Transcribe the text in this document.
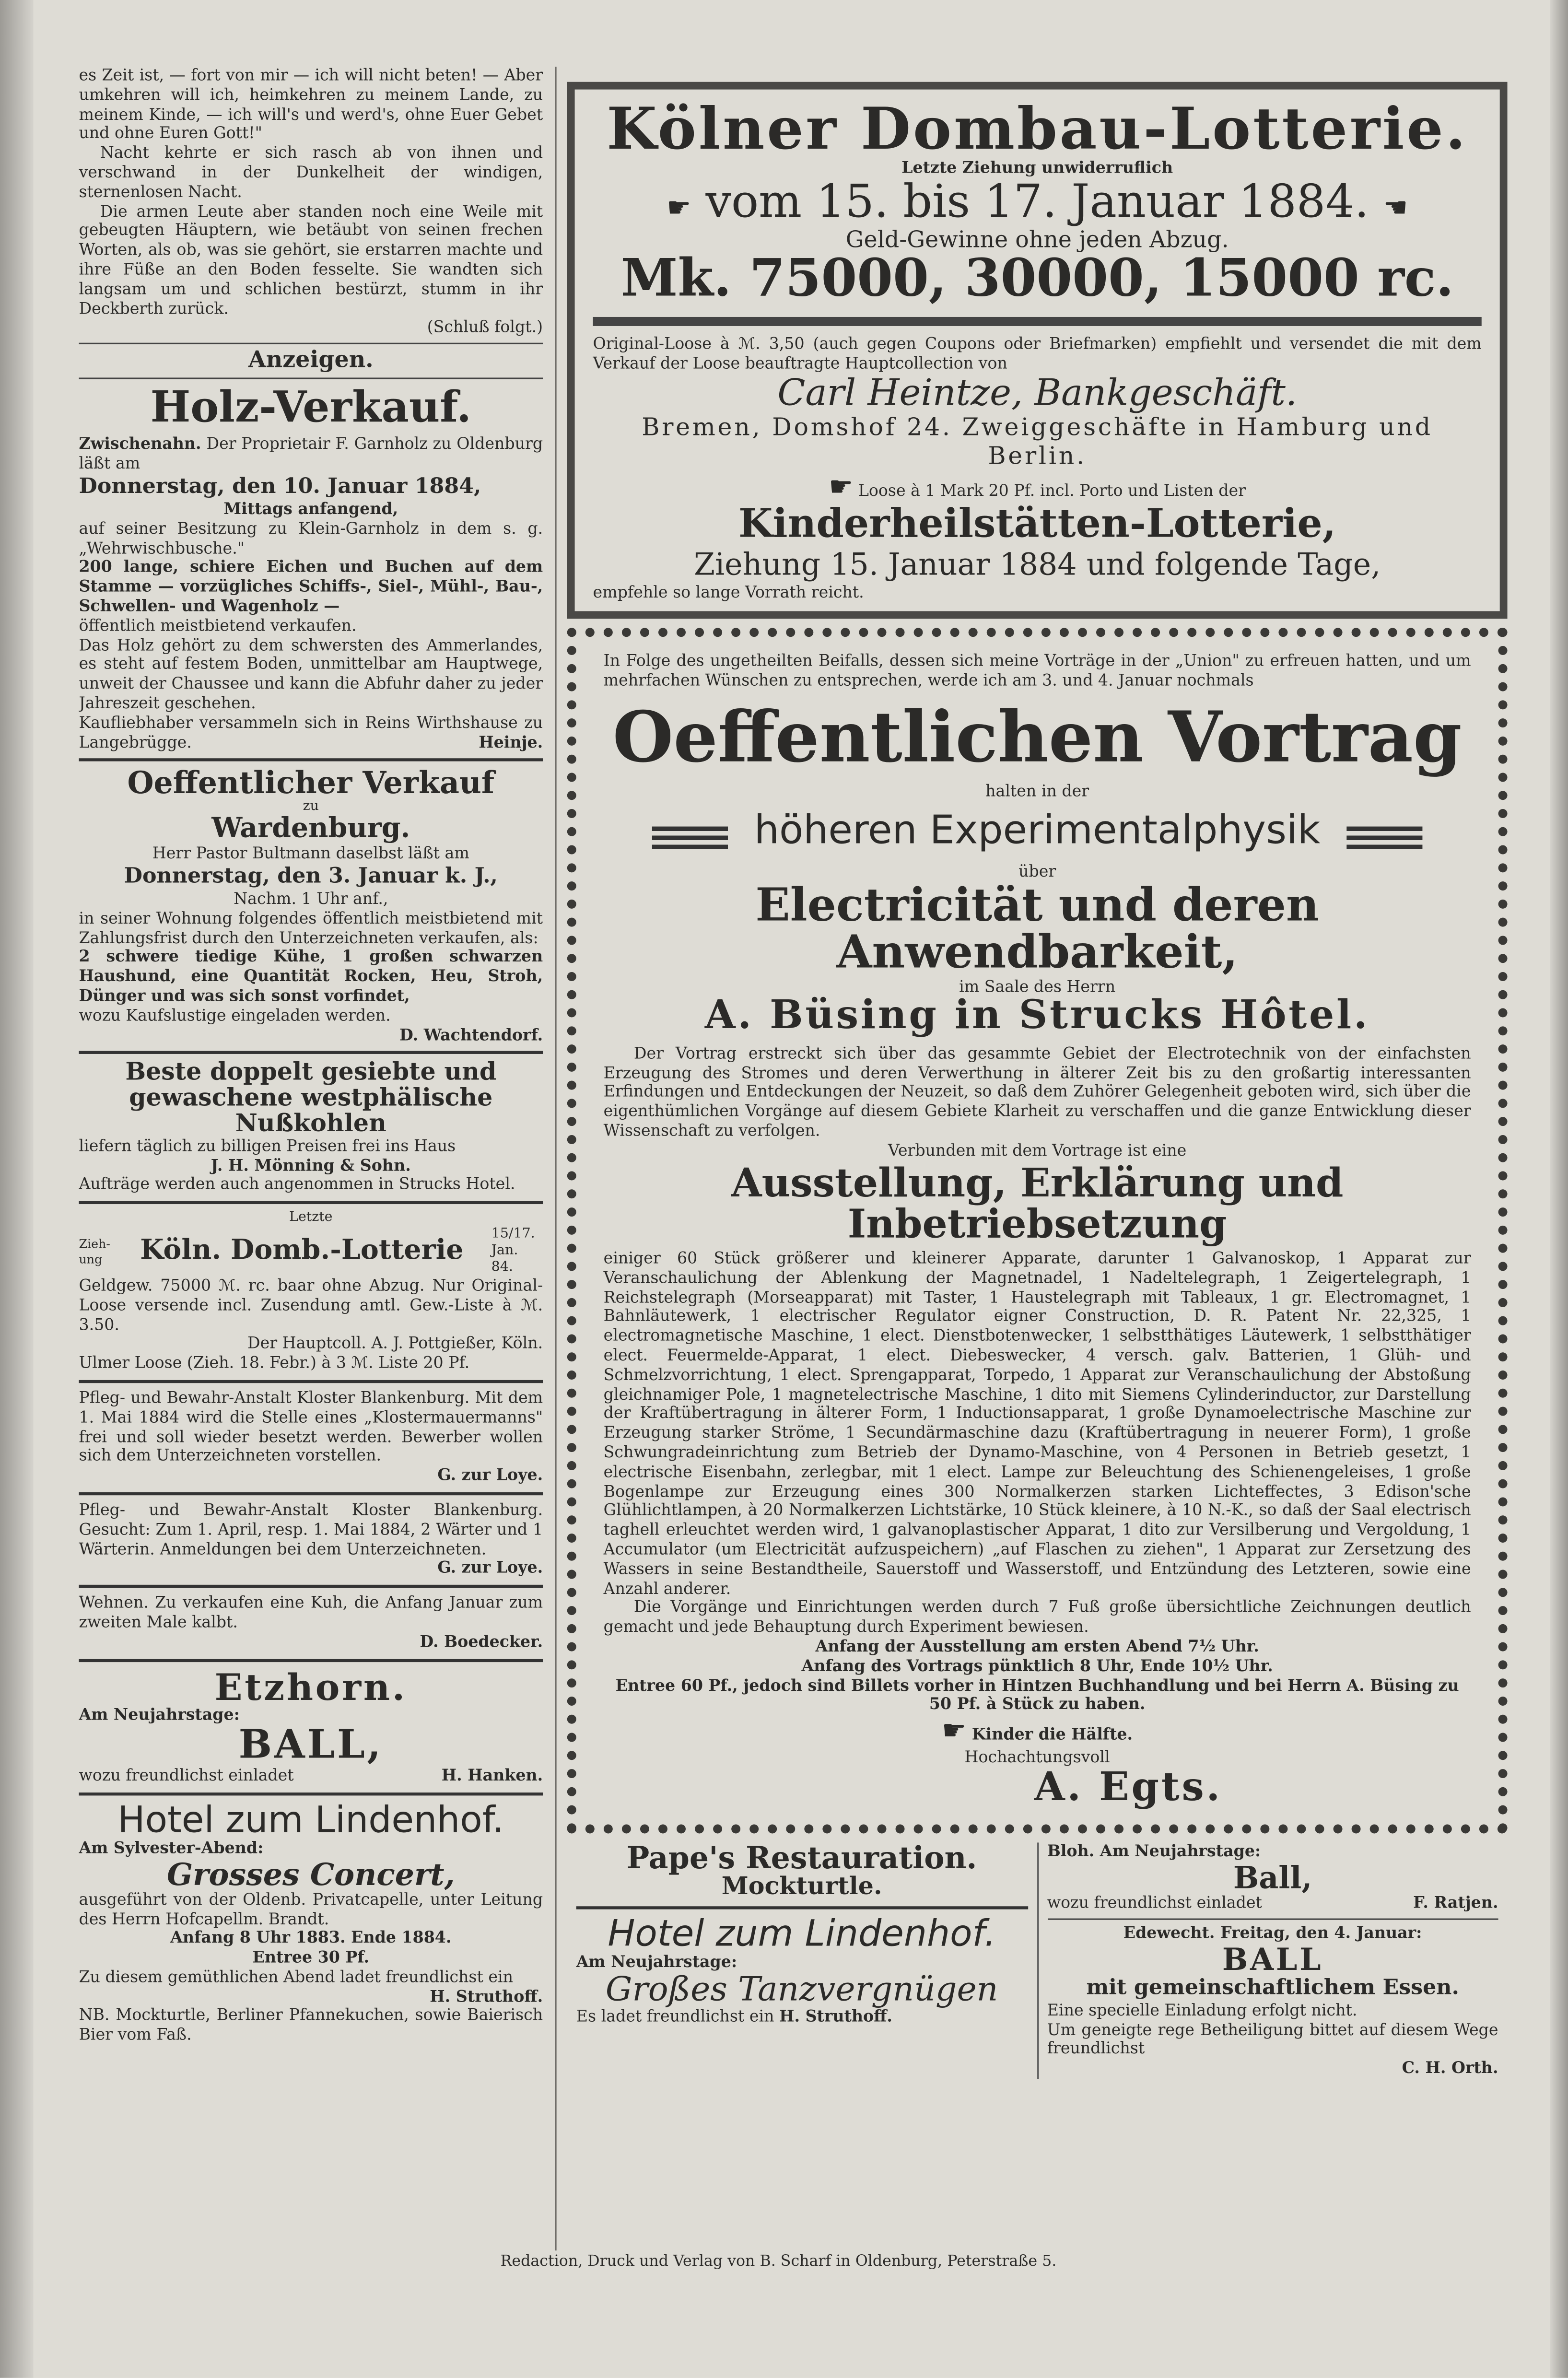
es Zeit ist, — fort von mir — ich will nicht beten! — Aber umkehren will ich, heimkehren zu meinem Lande, zu meinem Kinde, — ich will's und werd's, ohne Euer Gebet und ohne Euren Gott!"

Nacht kehrte er sich rasch ab von ihnen und verschwand in der Dunkelheit der windigen, sternenlosen Nacht.

Die armen Leute aber standen noch eine Weile mit gebeugten Häuptern, wie betäubt von seinen frechen Worten, als ob, was sie gehört, sie erstarren machte und ihre Füße an den Boden fesselte. Sie wandten sich langsam um und schlichen bestürzt, stumm in ihr Deckberth zurück.

(Schluß folgt.)

Anzeigen.
Holz-Verkauf.

Zwischenahn. Der Proprietair F. Garnholz zu Oldenburg läßt am

Donnerstag, den 10. Januar 1884,

Mittags anfangend,

auf seiner Besitzung zu Klein-Garnholz in dem s. g. „Wehrwischbusche."

200 lange, schiere Eichen und Buchen auf dem Stamme — vorzügliches Schiffs-, Siel-, Mühl-, Bau-, Schwellen- und Wagenholz —

öffentlich meistbietend verkaufen.

Das Holz gehört zu dem schwersten des Ammerlandes, es steht auf festem Boden, unmittelbar am Hauptwege, unweit der Chaussee und kann die Abfuhr daher zu jeder Jahreszeit geschehen.

Kaufliebhaber versammeln sich in Reins Wirthshause zu Langebrügge.	Heinje.

Oeffentlicher Verkauf
zu
Wardenburg.

Herr Pastor Bultmann daselbst läßt am

Donnerstag, den 3. Januar k. J.,

Nachm. 1 Uhr anf.,

in seiner Wohnung folgendes öffentlich meistbietend mit Zahlungsfrist durch den Unterzeichneten verkaufen, als:

2 schwere tiedige Kühe, 1 großen schwarzen Haushund, eine Quantität Rocken, Heu, Stroh, Dünger und was sich sonst vorfindet,

wozu Kaufslustige eingeladen werden.

D. Wachtendorf.

Beste doppelt gesiebte und gewaschene westphälische Nußkohlen

liefern täglich zu billigen Preisen frei ins Haus

J. H. Mönning & Sohn.

Aufträge werden auch angenommen in Strucks Hotel.

Letzte

Zieh-ung	Köln. Domb.-Lotterie	15/17. Jan. 84.

Geldgew. 75000 ℳ. rc. baar ohne Abzug. Nur Original-Loose versende incl. Zusendung amtl. Gew.-Liste à ℳ. 3.50.

Der Hauptcoll. A. J. Pottgießer, Köln.

Ulmer Loose (Zieh. 18. Febr.) à 3 ℳ. Liste 20 Pf.

Pfleg- und Bewahr-Anstalt Kloster Blankenburg. Mit dem 1. Mai 1884 wird die Stelle eines „Klostermauermanns" frei und soll wieder besetzt werden. Bewerber wollen sich dem Unterzeichneten vorstellen.

G. zur Loye.

Pfleg- und Bewahr-Anstalt Kloster Blankenburg. Gesucht: Zum 1. April, resp. 1. Mai 1884, 2 Wärter und 1 Wärterin. Anmeldungen bei dem Unterzeichneten.

G. zur Loye.

Wehnen. Zu verkaufen eine Kuh, die Anfang Januar zum zweiten Male kalbt.

D. Boedecker.

Etzhorn.

Am Neujahrstage:

BALL,

wozu freundlichst einladet	H. Hanken.

Hotel zum Lindenhof.

Am Sylvester-Abend:

Grosses Concert,

ausgeführt von der Oldenb. Privatcapelle, unter Leitung des Herrn Hofcapellm. Brandt.

Anfang 8 Uhr 1883. Ende 1884.

Entree 30 Pf.

Zu diesem gemüthlichen Abend ladet freundlichst ein

H. Struthoff.

NB. Mockturtle, Berliner Pfannekuchen, sowie Baierisch Bier vom Faß.

Kölner Dombau-Lotterie.

Letzte Ziehung unwiderruflich

☛ vom 15. bis 17. Januar 1884. ☚

Geld-Gewinne ohne jeden Abzug.

Mk. 75000, 30000, 15000 rc.

Original-Loose à ℳ. 3,50 (auch gegen Coupons oder Briefmarken) empfiehlt und versendet die mit dem Verkauf der Loose beauftragte Hauptcollection von

Carl Heintze, Bankgeschäft.

Bremen, Domshof 24. Zweiggeschäfte in Hamburg und Berlin.

☛ Loose à 1 Mark 20 Pf. incl. Porto und Listen der

Kinderheilstätten-Lotterie,

Ziehung 15. Januar 1884 und folgende Tage,

empfehle so lange Vorrath reicht.

In Folge des ungetheilten Beifalls, dessen sich meine Vorträge in der „Union" zu erfreuen hatten, und um mehrfachen Wünschen zu entsprechen, werde ich am 3. und 4. Januar nochmals

Oeffentlichen Vortrag

halten in der

höheren Experimentalphysik

über

Electricität und deren Anwendbarkeit,

im Saale des Herrn

A. Büsing in Strucks Hôtel.

Der Vortrag erstreckt sich über das gesammte Gebiet der Electrotechnik von der einfachsten Erzeugung des Stromes und deren Verwerthung in älterer Zeit bis zu den großartig interessanten Erfindungen und Entdeckungen der Neuzeit, so daß dem Zuhörer Gelegenheit geboten wird, sich über die eigenthümlichen Vorgänge auf diesem Gebiete Klarheit zu verschaffen und die ganze Entwicklung dieser Wissenschaft zu verfolgen.

Verbunden mit dem Vortrage ist eine

Ausstellung, Erklärung und Inbetriebsetzung

einiger 60 Stück größerer und kleinerer Apparate, darunter 1 Galvanoskop, 1 Apparat zur Veranschaulichung der Ablenkung der Magnetnadel, 1 Nadeltelegraph, 1 Zeigertelegraph, 1 Reichstelegraph (Morseapparat) mit Taster, 1 Haustelegraph mit Tableaux, 1 gr. Electromagnet, 1 Bahnläutewerk, 1 electrischer Regulator eigner Construction, D. R. Patent Nr. 22,325, 1 electromagnetische Maschine, 1 elect. Dienstbotenwecker, 1 selbstthätiges Läutewerk, 1 selbstthätiger elect. Feuermelde-Apparat, 1 elect. Diebeswecker, 4 versch. galv. Batterien, 1 Glüh- und Schmelzvorrichtung, 1 elect. Sprengapparat, Torpedo, 1 Apparat zur Veranschaulichung der Abstoßung gleichnamiger Pole, 1 magnetelectrische Maschine, 1 dito mit Siemens Cylinderinductor, zur Darstellung der Kraftübertragung in älterer Form, 1 Inductionsapparat, 1 große Dynamoelectrische Maschine zur Erzeugung starker Ströme, 1 Secundärmaschine dazu (Kraftübertragung in neuerer Form), 1 große Schwungradeinrichtung zum Betrieb der Dynamo-Maschine, von 4 Personen in Betrieb gesetzt, 1 electrische Eisenbahn, zerlegbar, mit 1 elect. Lampe zur Beleuchtung des Schienengeleises, 1 große Bogenlampe zur Erzeugung eines 300 Normalkerzen starken Lichteffectes, 3 Edison'sche Glühlichtlampen, à 20 Normalkerzen Lichtstärke, 10 Stück kleinere, à 10 N.-K., so daß der Saal electrisch taghell erleuchtet werden wird, 1 galvanoplastischer Apparat, 1 dito zur Versilberung und Vergoldung, 1 Accumulator (um Electricität aufzuspeichern) „auf Flaschen zu ziehen", 1 Apparat zur Zersetzung des Wassers in seine Bestandtheile, Sauerstoff und Wasserstoff, und Entzündung des Letzteren, sowie eine Anzahl anderer.

Die Vorgänge und Einrichtungen werden durch 7 Fuß große übersichtliche Zeichnungen deutlich gemacht und jede Behauptung durch Experiment bewiesen.

Anfang der Ausstellung am ersten Abend 7½ Uhr.

Anfang des Vortrags pünktlich 8 Uhr, Ende 10½ Uhr.

Entree 60 Pf., jedoch sind Billets vorher in Hintzen Buchhandlung und bei Herrn A. Büsing zu 50 Pf. à Stück zu haben.

☛ Kinder die Hälfte.

Hochachtungsvoll

A. Egts.
Pape's Restauration.
Mockturtle.
Hotel zum Lindenhof.

Am Neujahrstage:

Großes Tanzvergnügen

Es ladet freundlichst ein H. Struthoff.

Bloh. Am Neujahrstage:

Ball,

wozu freundlichst einladet	F. Ratjen.

Edewecht. Freitag, den 4. Januar:

BALL

mit gemeinschaftlichem Essen.

Eine specielle Einladung erfolgt nicht.

Um geneigte rege Betheiligung bittet auf diesem Wege freundlichst

C. H. Orth.

Redaction, Druck und Verlag von B. Scharf in Oldenburg, Peterstraße 5.
